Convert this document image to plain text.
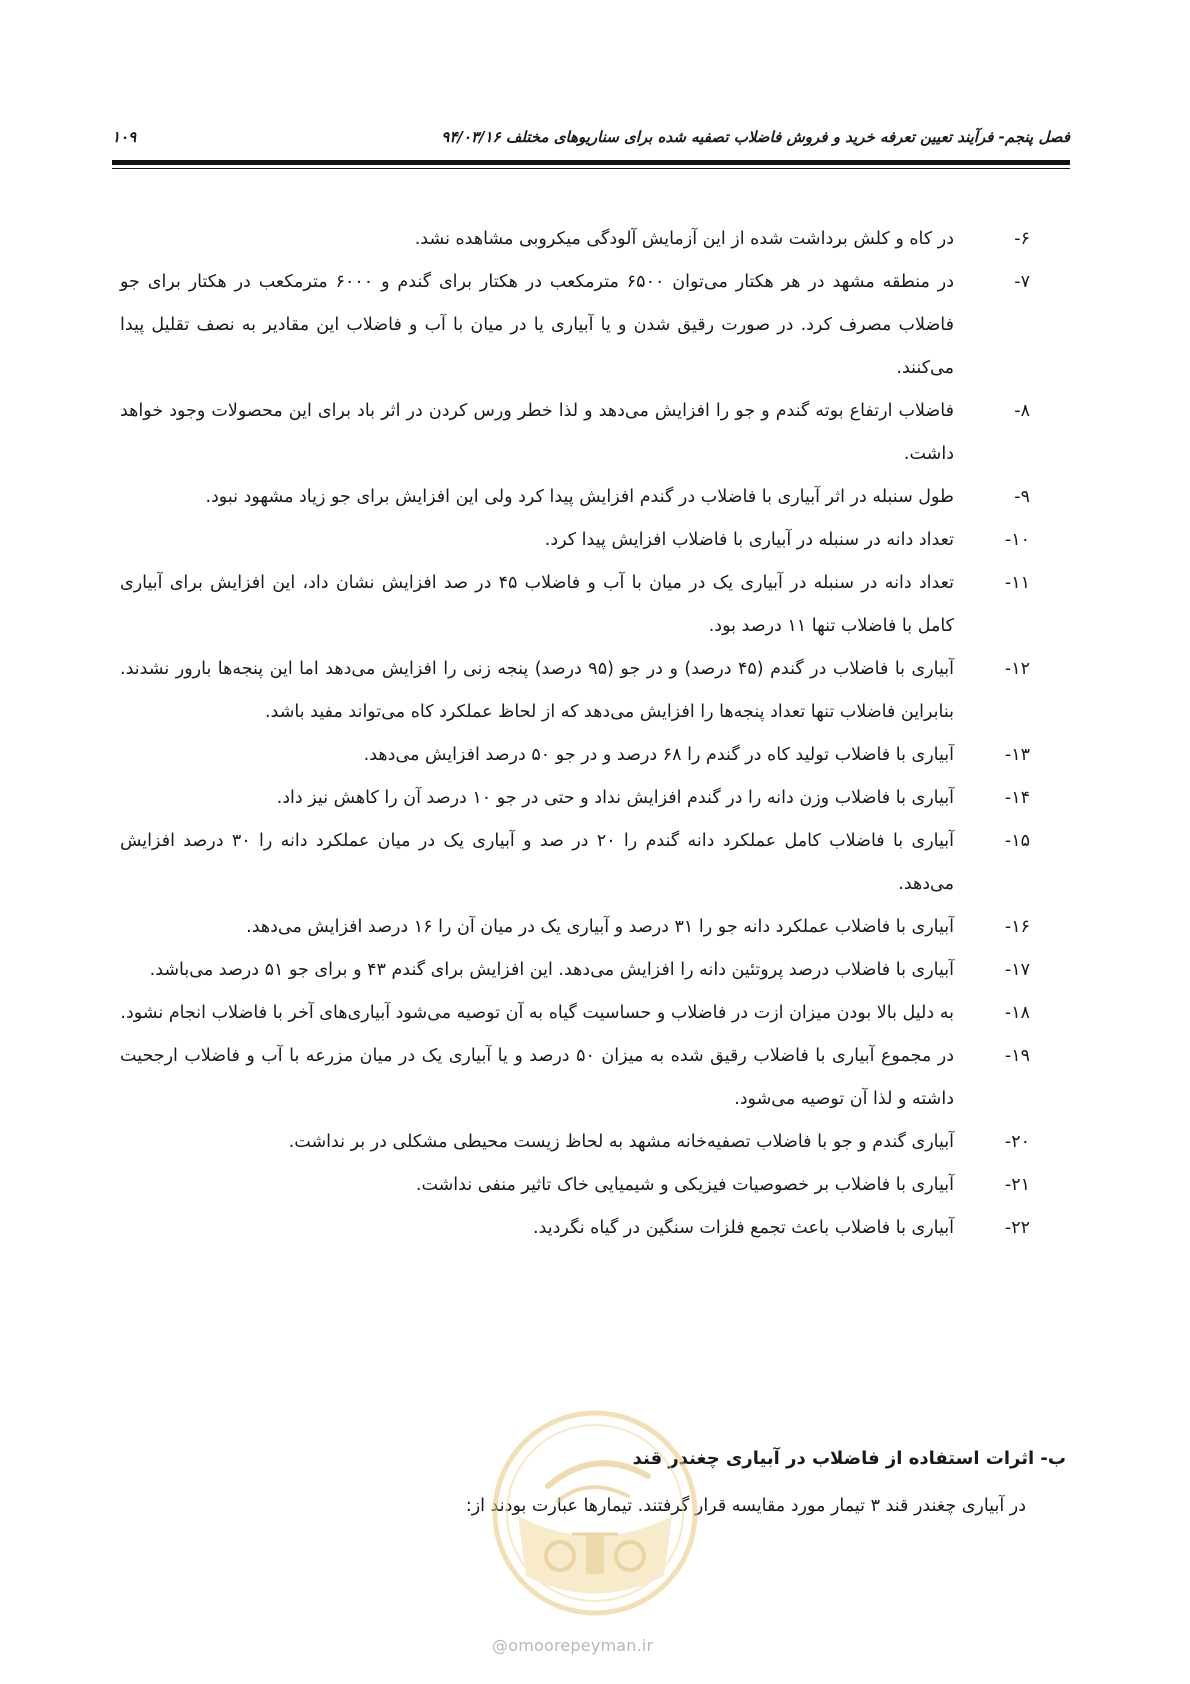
فصل پنجم- فرآیند تعیین تعرفه خرید و فروش فاضلاب تصفیه شده برای سناریوهای مختلف ۹۴/۰۳/۱۶
۱۰۹
۶-
در کاه و کلش برداشت شده از این آزمایش آلودگی میکروبی مشاهده نشد.
۷-
در منطقه مشهد در هر هکتار می‌توان ۶۵۰۰ مترمکعب در هکتار برای گندم و ۶۰۰۰ مترمکعب در هکتار برای جو فاضلاب مصرف کرد. در صورت رقیق شدن و یا آبیاری یا در میان با آب و فاضلاب این مقادیر به نصف تقلیل پیدا می‌کنند.
۸-
فاضلاب ارتفاع بوته گندم و جو را افزایش می‌دهد و لذا خطر ورس کردن در اثر باد برای این محصولات وجود خواهد داشت.
۹-
طول سنبله در اثر آبیاری با فاضلاب در گندم افزایش پیدا کرد ولی این افزایش برای جو زیاد مشهود نبود.
۱۰-
تعداد دانه در سنبله در آبیاری با فاضلاب افزایش پیدا کرد.
۱۱-
تعداد دانه در سنبله در آبیاری یک در میان با آب و فاضلاب ۴۵ در صد افزایش نشان داد، این افزایش برای آبیاری کامل با فاضلاب تنها ۱۱ درصد بود.
۱۲-
آبیاری با فاضلاب در گندم (۴۵ درصد) و در جو (۹۵ درصد) پنجه زنی را افزایش می‌دهد اما این پنجه‌ها بارور نشدند. بنابراین فاضلاب تنها تعداد پنجه‌ها را افزایش می‌دهد که از لحاظ عملکرد کاه می‌تواند مفید باشد.
۱۳-
آبیاری با فاضلاب تولید کاه در گندم را ۶۸ درصد و در جو ۵۰ درصد افزایش می‌دهد.
۱۴-
آبیاری با فاضلاب وزن دانه را در گندم افزایش نداد و حتی در جو ۱۰ درصد آن را کاهش نیز داد.
۱۵-
آبیاری با فاضلاب کامل عملکرد دانه گندم را ۲۰ در صد و آبیاری یک در میان عملکرد دانه را ۳۰ درصد افزایش می‌دهد.
۱۶-
آبیاری با فاضلاب عملکرد دانه جو را ۳۱ درصد و آبیاری یک در میان آن را ۱۶ درصد افزایش می‌دهد.
۱۷-
آبیاری با فاضلاب درصد پروتئین دانه را افزایش می‌دهد. این افزایش برای گندم ۴۳ و برای جو ۵۱ درصد می‌باشد.
۱۸-
به دلیل بالا بودن میزان ازت در فاضلاب و حساسیت گیاه به آن توصیه می‌شود آبیاری‌های آخر با فاضلاب انجام نشود.
۱۹-
در مجموع آبیاری با فاضلاب رقیق شده به میزان ۵۰ درصد و یا آبیاری یک در میان مزرعه با آب و فاضلاب ارجحیت داشته و لذا آن توصیه می‌شود.
۲۰-
آبیاری گندم و جو با فاضلاب تصفیه‌خانه مشهد به لحاظ زیست محیطی مشکلی در بر نداشت.
۲۱-
آبیاری با فاضلاب بر خصوصیات فیزیکی و شیمیایی خاک تاثیر منفی نداشت.
۲۲-
آبیاری با فاضلاب باعث تجمع فلزات سنگین در گیاه نگردید.
ب- اثرات استفاده از فاضلاب در آبیاری چغندر قند
در آبیاری چغندر قند ۳ تیمار مورد مقایسه قرار گرفتند. تیمارها عبارت بودند از:
@omoorepeyman.ir
